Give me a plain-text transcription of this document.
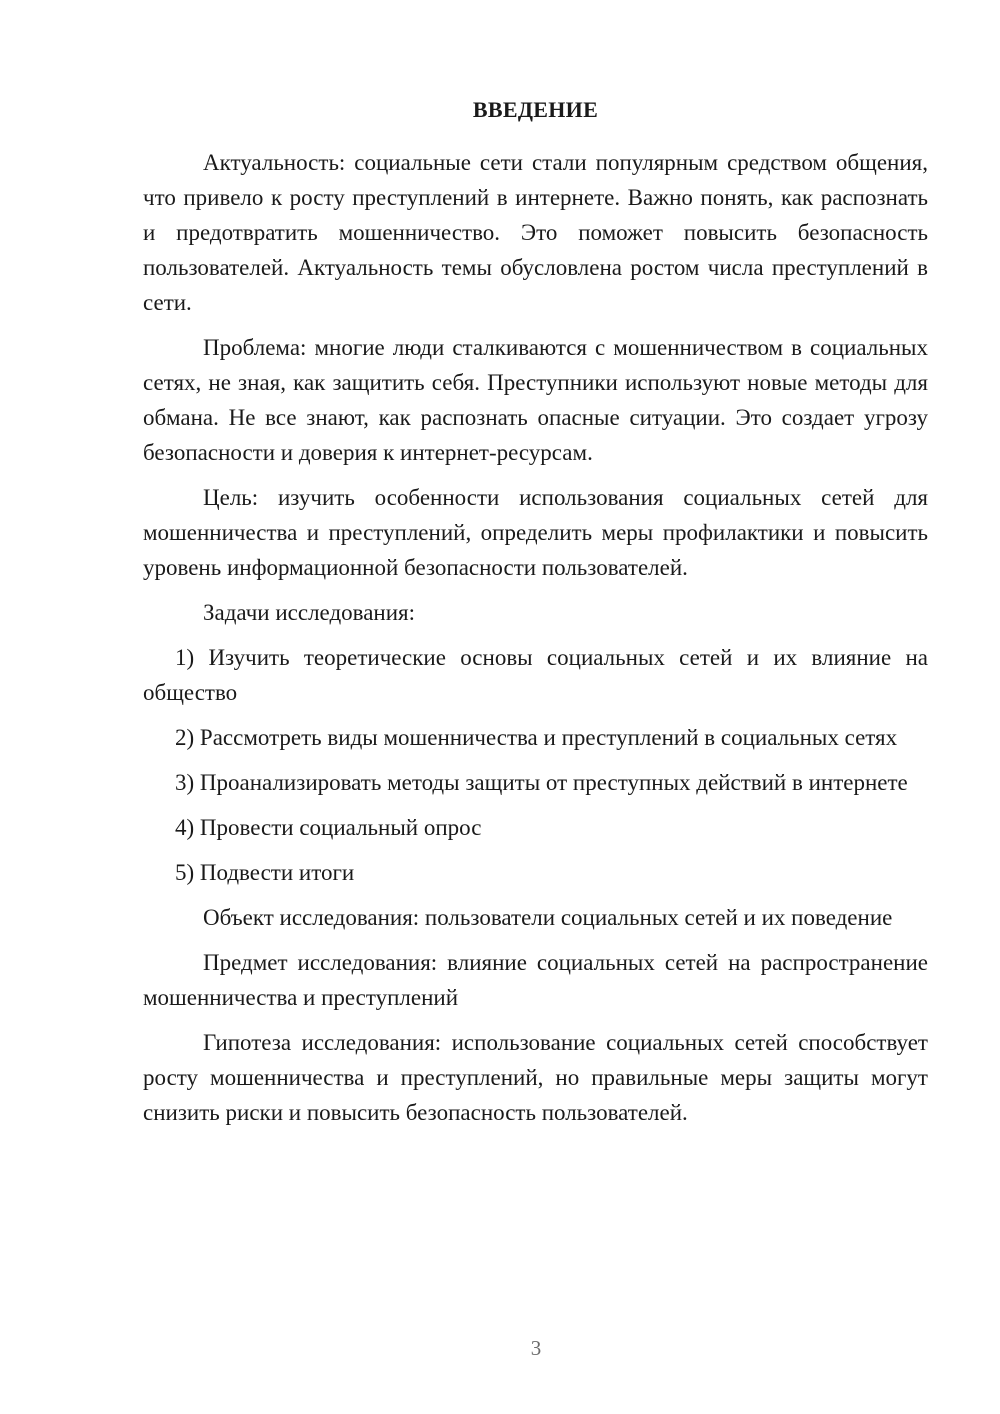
ВВЕДЕНИЕ

Актуальность: социальные сети стали популярным средством общения, что привело к росту преступлений в интернете. Важно понять, как распознать и предотвратить мошенничество. Это поможет повысить безопасность пользователей. Актуальность темы обусловлена ростом числа преступлений в сети.

Проблема: многие люди сталкиваются с мошенничеством в социальных сетях, не зная, как защитить себя. Преступники используют новые методы для обмана. Не все знают, как распознать опасные ситуации. Это создает угрозу безопасности и доверия к интернет-ресурсам.

Цель: изучить особенности использования социальных сетей для мошенничества и преступлений, определить меры профилактики и повысить уровень информационной безопасности пользователей.

Задачи исследования:

1) Изучить теоретические основы социальных сетей и их влияние на общество
2) Рассмотреть виды мошенничества и преступлений в социальных сетях
3) Проанализировать методы защиты от преступных действий в интернете
4) Провести социальный опрос
5) Подвести итоги

Объект исследования: пользователи социальных сетей и их поведение

Предмет исследования: влияние социальных сетей на распространение мошенничества и преступлений

Гипотеза исследования: использование социальных сетей способствует росту мошенничества и преступлений, но правильные меры защиты могут снизить риски и повысить безопасность пользователей.

3
